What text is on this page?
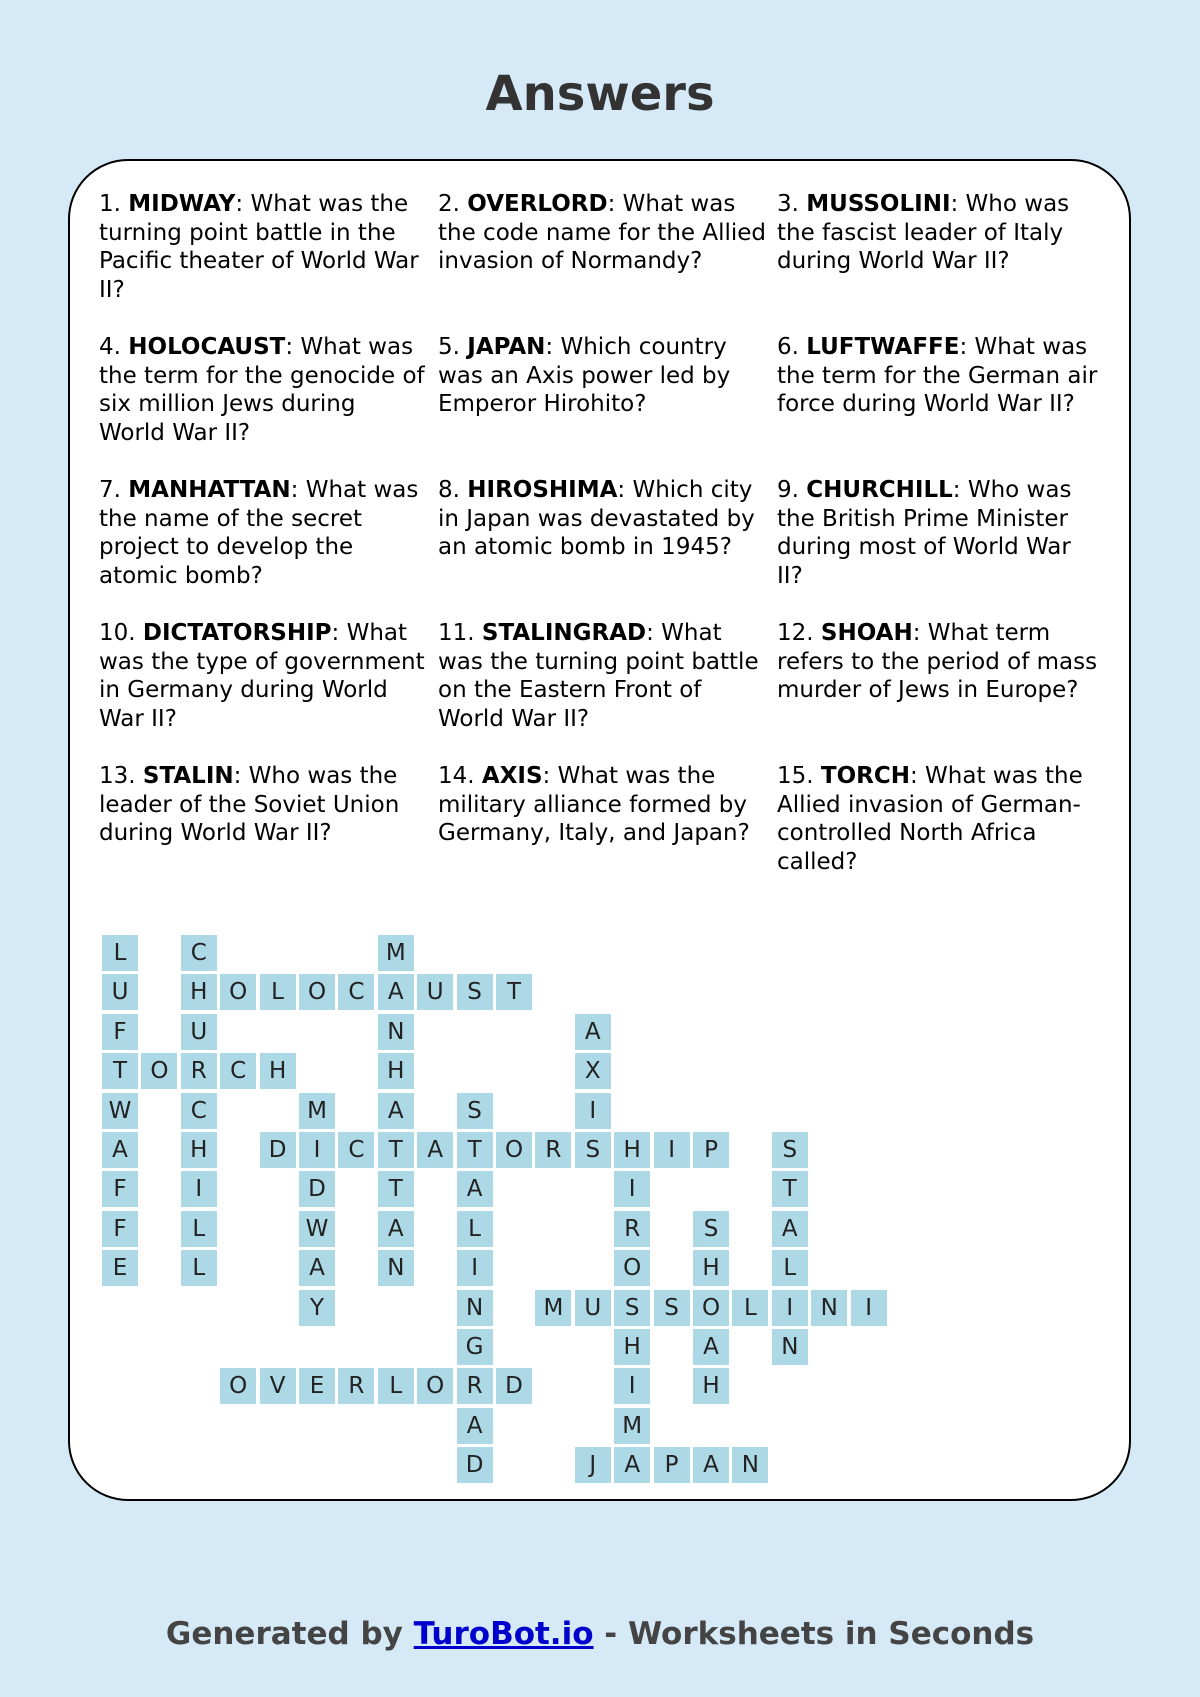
Answers
1. MIDWAY: What was the turning point battle in the Pacific theater of World War II?
2. OVERLORD: What was the code name for the Allied invasion of Normandy?
3. MUSSOLINI: Who was the fascist leader of Italy during World War II?
4. HOLOCAUST: What was the term for the genocide of six million Jews during World War II?
5. JAPAN: Which country was an Axis power led by Emperor Hirohito?
6. LUFTWAFFE: What was the term for the German air force during World War II?
7. MANHATTAN: What was the name of the secret project to develop the atomic bomb?
8. HIROSHIMA: Which city in Japan was devastated by an atomic bomb in 1945?
9. CHURCHILL: Who was the British Prime Minister during most of World War II?
10. DICTATORSHIP: What was the type of government in Germany during World War II?
11. STALINGRAD: What was the turning point battle on the Eastern Front of World War II?
12. SHOAH: What term refers to the period of mass murder of Jews in Europe?
13. STALIN: Who was the leader of the Soviet Union during World War II?
14. AXIS: What was the military alliance formed by Germany, Italy, and Japan?
15. TORCH: What was the Allied invasion of German-controlled North Africa called?
L
U
F
T
W
A
F
F
E
C
H
U
R
C
H
I
L
L
M
A
N
H
A
T
T
A
N
O	L	O C	U	S	T
A
X
I
S
O	C H
M
I
D
W
A
Y
S
T
A
L
I
N
G
R
A
D
D	C	A	O R	H	I	P	S
T
A
L
I
N
I
R
O
S
H
I
M
A
S
H
O
A
H
M U	S	L	N	I
O V	E	R	L	O	D
J	P	A N
Generated by TuroBot.io - Worksheets in Seconds
